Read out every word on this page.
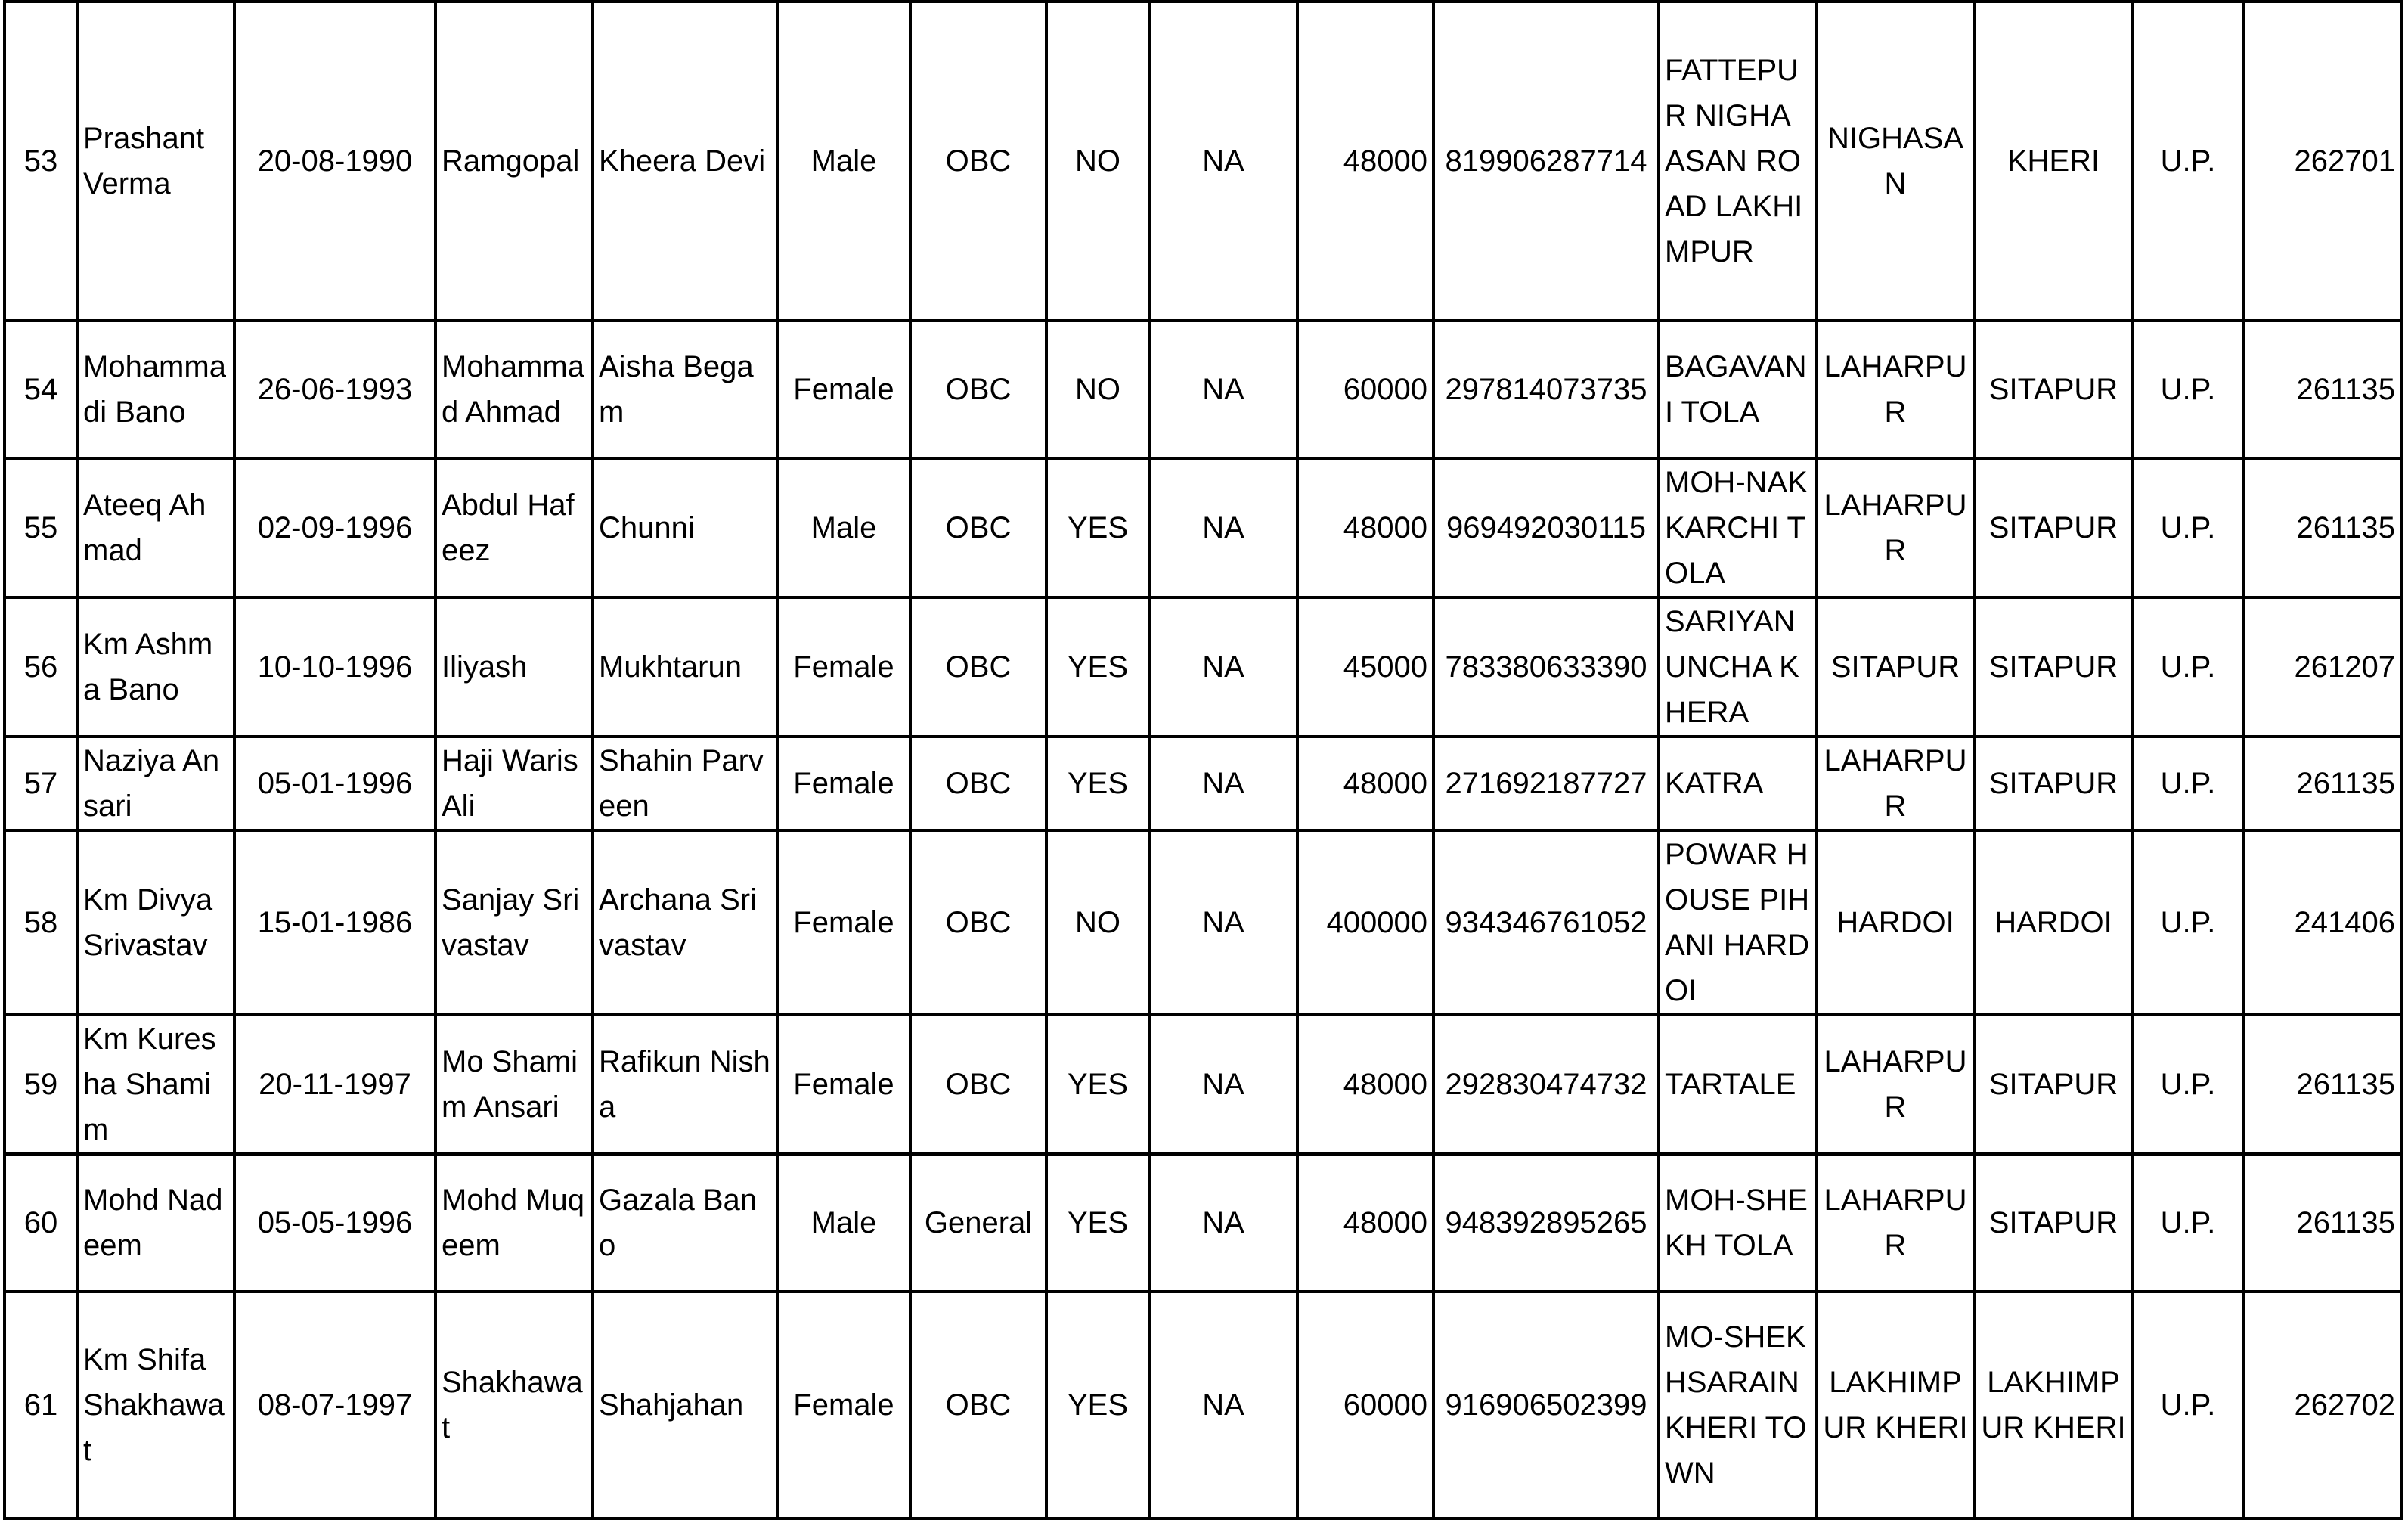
53	Prashant Verma	20-08-1990	Ramgopal	Kheera Devi	Male	OBC	NO	NA	48000	819906287714	FATTEPUR NIGHAASAN ROAD LAKHIMPUR	NIGHASAN	KHERI	U.P.	262701
54	Mohammadi Bano	26-06-1993	Mohammad Ahmad	Aisha Begam	Female	OBC	NO	NA	60000	297814073735	BAGAVANI TOLA	LAHARPUR	SITAPUR	U.P.	261135
55	Ateeq Ahmad	02-09-1996	Abdul Hafeez	Chunni	Male	OBC	YES	NA	48000	969492030115	MOH-NAKKARCHI TOLA	LAHARPUR	SITAPUR	U.P.	261135
56	Km Ashma Bano	10-10-1996	Iliyash	Mukhtarun	Female	OBC	YES	NA	45000	783380633390	SARIYAN UNCHA KHERA	SITAPUR	SITAPUR	U.P.	261207
57	Naziya Ansari	05-01-1996	Haji Waris Ali	Shahin Parveen	Female	OBC	YES	NA	48000	271692187727	KATRA	LAHARPUR	SITAPUR	U.P.	261135
58	Km Divya Srivastav	15-01-1986	Sanjay Srivastav	Archana Srivastav	Female	OBC	NO	NA	400000	934346761052	POWAR HOUSE PIHANI HARDOI	HARDOI	HARDOI	U.P.	241406
59	Km Kuresha Shamim	20-11-1997	Mo Shamim Ansari	Rafikun Nisha	Female	OBC	YES	NA	48000	292830474732	TARTALE	LAHARPUR	SITAPUR	U.P.	261135
60	Mohd Nadeem	05-05-1996	Mohd Muqeem	Gazala Bano	Male	General	YES	NA	48000	948392895265	MOH-SHEKH TOLA	LAHARPUR	SITAPUR	U.P.	261135
61	Km Shifa Shakhawat	08-07-1997	Shakhawat	Shahjahan	Female	OBC	YES	NA	60000	916906502399	MO-SHEKHSARAIN KHERI TOWN	LAKHIMPUR KHERI	LAKHIMPUR KHERI	U.P.	262702
